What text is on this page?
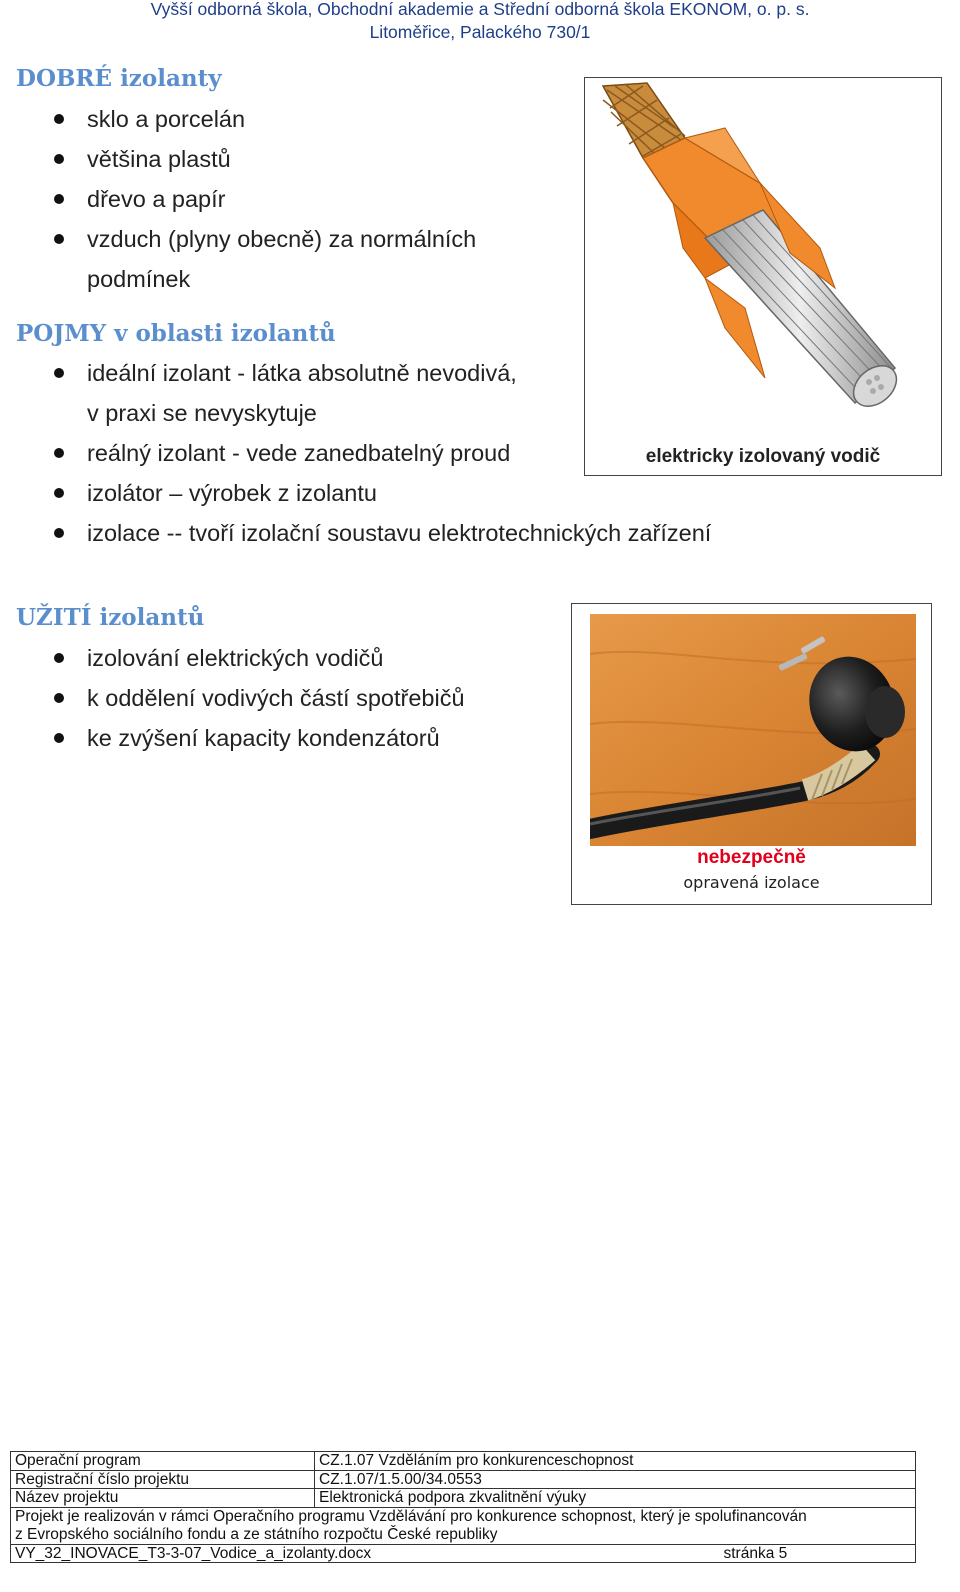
Vyšší odborná škola, Obchodní akademie a Střední odborná škola EKONOM, o. p. s.
Litoměřice, Palackého 730/1
DOBRÉ izolanty
sklo a porcelán
většina plastů
dřevo a papír
vzduch (plyny obecně) za normálních
podmínek
POJMY v oblasti izolantů
ideální izolant - látka absolutně nevodivá,
v praxi se nevyskytuje
reálný izolant - vede zanedbatelný proud
izolátor – výrobek z izolantu
izolace -- tvoří izolační soustavu elektrotechnických zařízení
elektricky izolovaný vodič
UŽITÍ izolantů
izolování elektrických vodičů
k oddělení vodivých částí spotřebičů
ke zvýšení kapacity kondenzátorů
nebezpečně
opravená izolace
Operační program	CZ.1.07 Vzděláním pro konkurenceschopnost
Registrační číslo projektu	CZ.1.07/1.5.00/34.0553
Název projektu	Elektronická podpora zkvalitnění výuky

Projekt je realizován v rámci Operačního programu Vzdělávání pro konkurence schopnost, který je spolufinancován
z Evropského sociálního fondu a ze státního rozpočtu České republiky	

VY_32_INOVACE_T3-3-07_Vodice_a_izolanty.docx stránka 5	
